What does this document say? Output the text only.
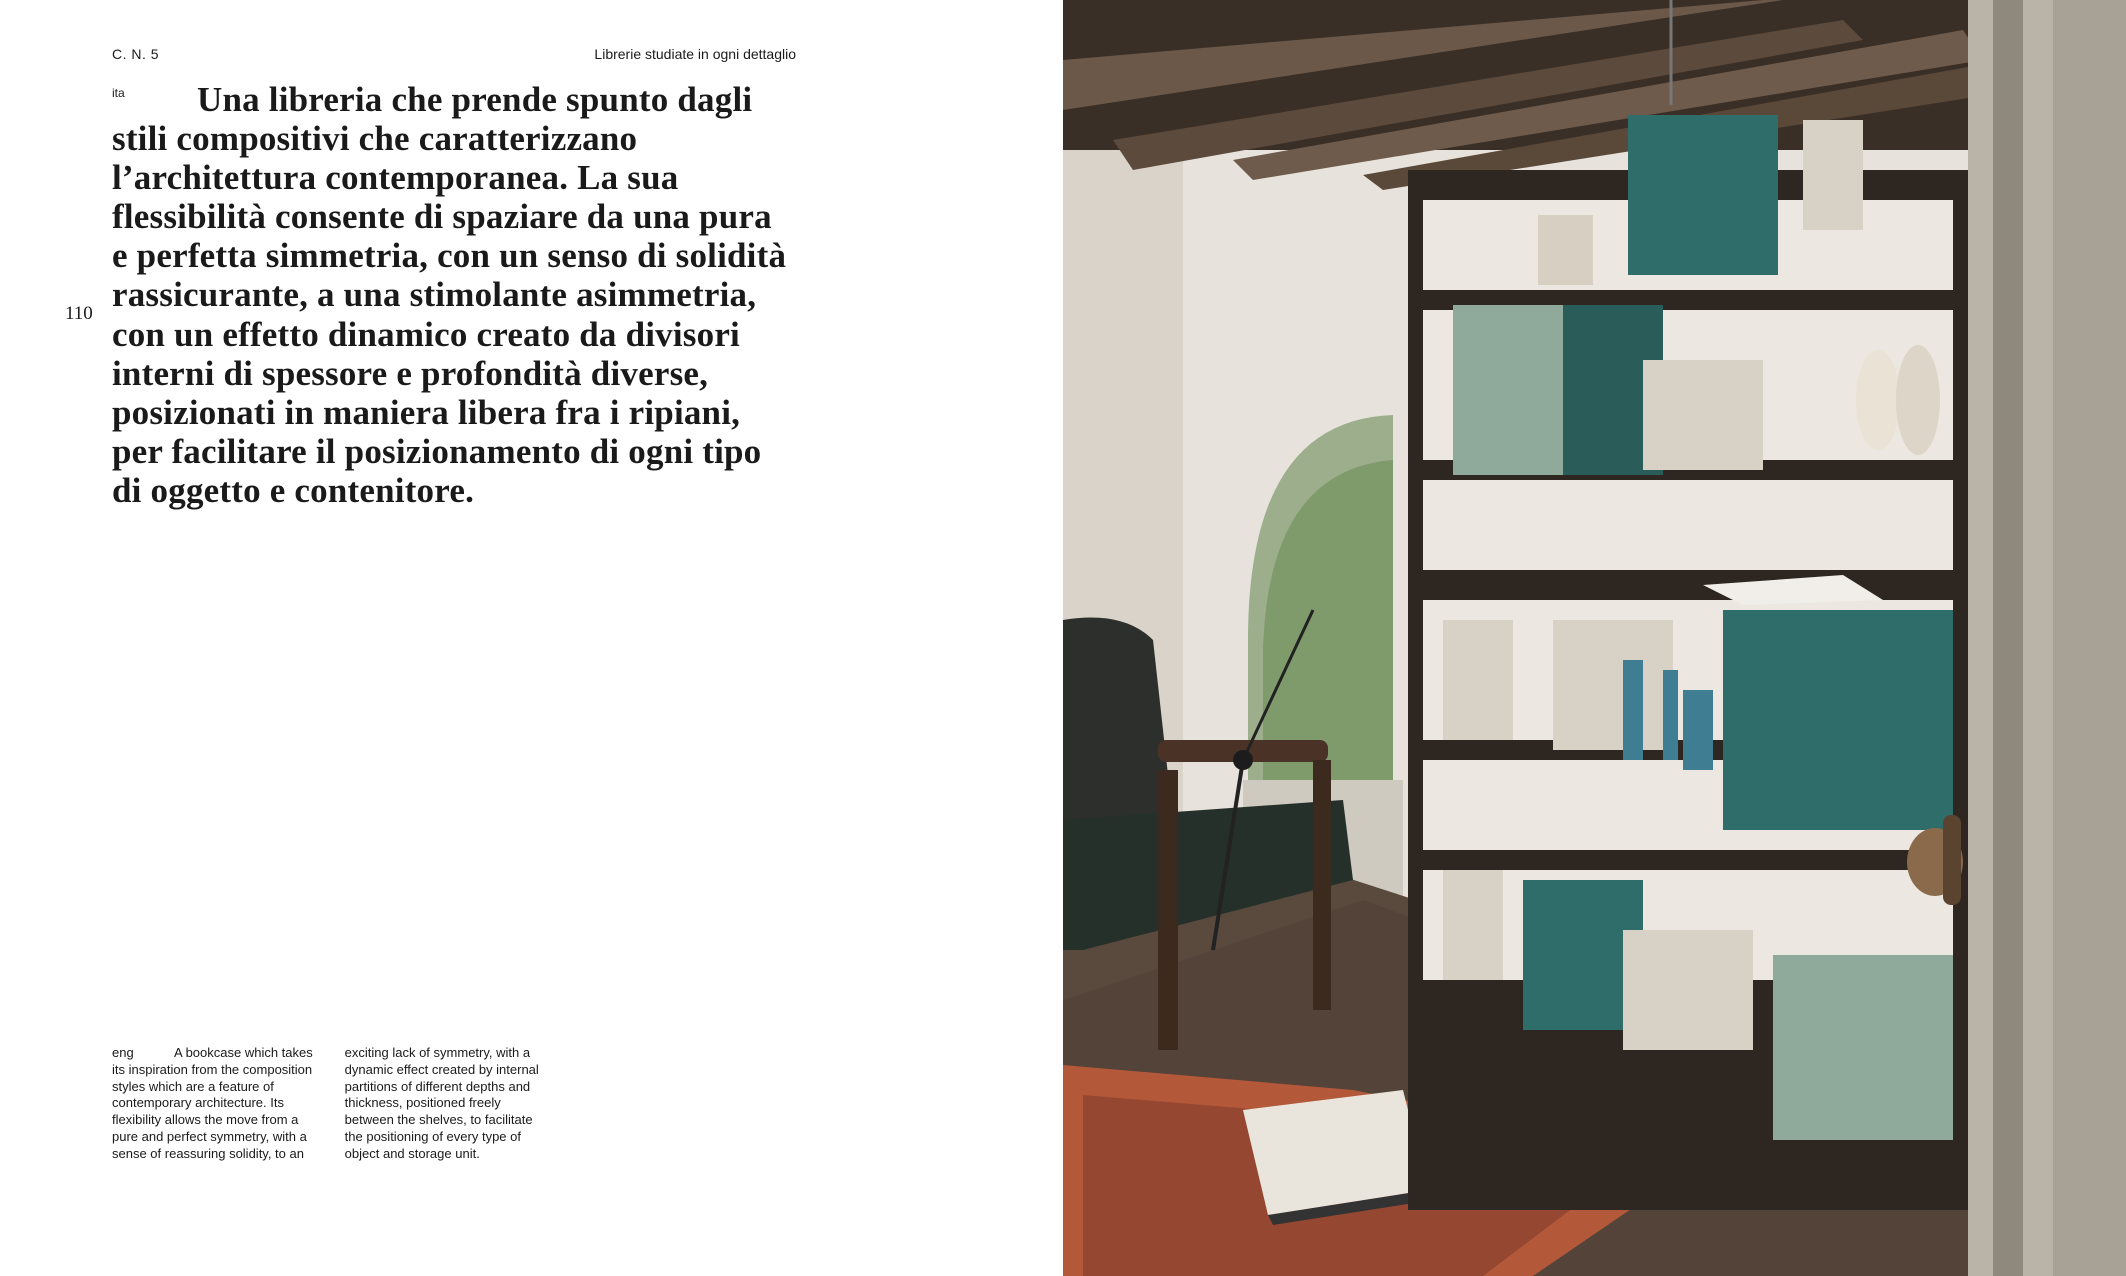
C. N. 5	Librerie studiate in ogni dettaglio
110
ita	Una libreria che prende spunto dagli stili compositivi che caratterizzano l’architettura contemporanea. La sua flessibilità consente di spaziare da una pura e perfetta simmetria, con un senso di solidità rassicurante, a una stimolante asimmetria, con un effetto dinamico creato da divisori interni di spessore e profondità diverse, posizionati in maniera libera fra i ripiani, per facilitare il posizionamento di ogni tipo di oggetto e contenitore.

eng	A bookcase which takes its inspiration from the composition styles which are a feature of contemporary architecture. Its flexibility allows the move from a pure and perfect symmetry, with a sense of reassuring solidity, to an exciting lack of symmetry, with a dynamic effect created by internal partitions of different depths and thickness, positioned freely between the shelves, to facilitate the positioning of every type of object and storage unit.
